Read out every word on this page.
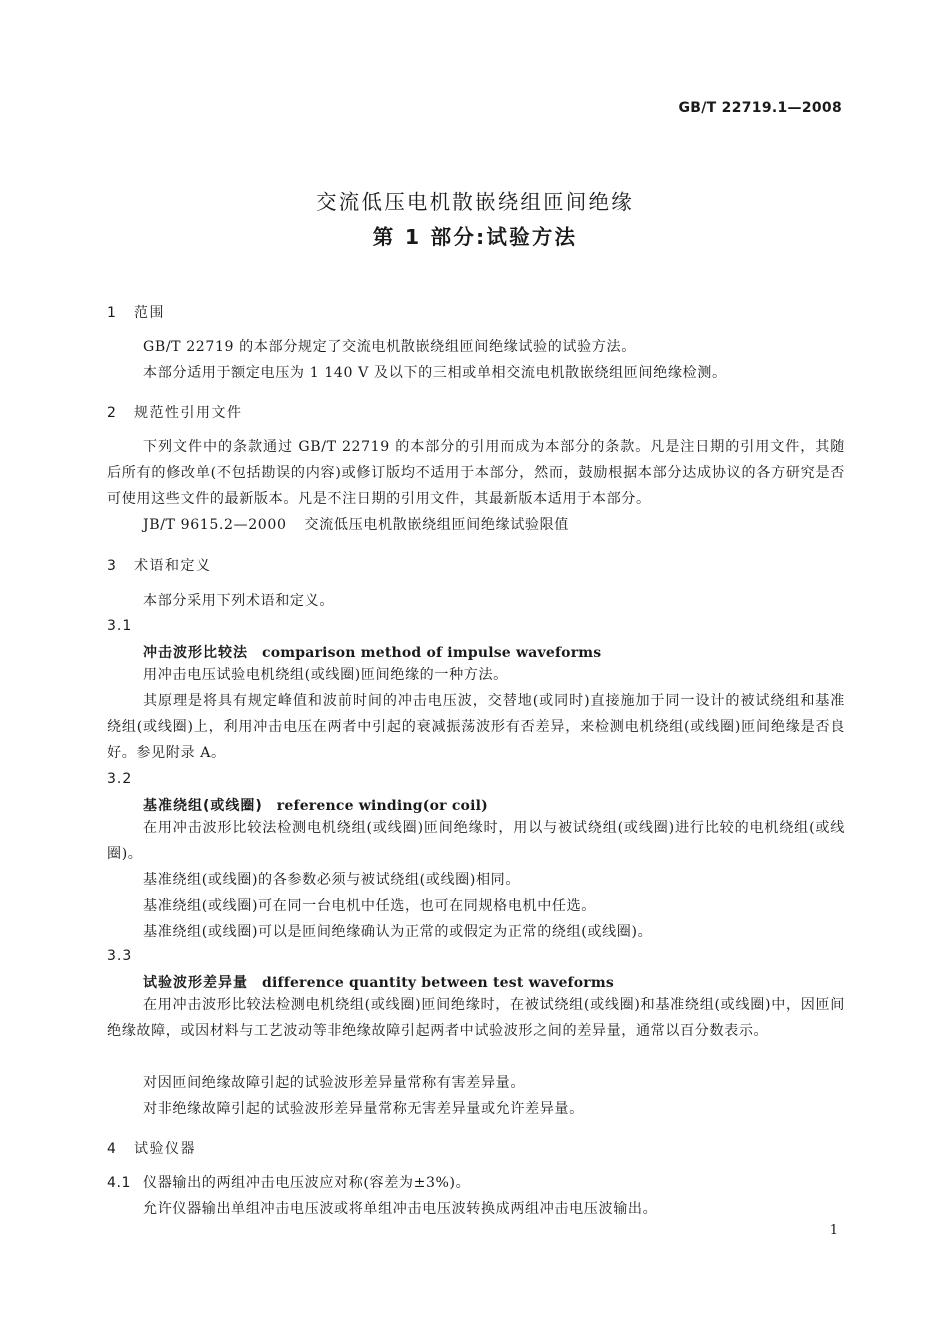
GB/T 22719.1—2008
交流低压电机散嵌绕组匝间绝缘
第 1 部分:试验方法
1 范围
GB/T 22719 的本部分规定了交流电机散嵌绕组匝间绝缘试验的试验方法。
本部分适用于额定电压为 1 140 V 及以下的三相或单相交流电机散嵌绕组匝间绝缘检测。
2 规范性引用文件
下列文件中的条款通过 GB/T 22719 的本部分的引用而成为本部分的条款。凡是注日期的引用文件，其随后所有的修改单(不包括勘误的内容)或修订版均不适用于本部分，然而，鼓励根据本部分达成协议的各方研究是否可使用这些文件的最新版本。凡是不注日期的引用文件，其最新版本适用于本部分。
JB/T 9615.2—2000 交流低压电机散嵌绕组匝间绝缘试验限值
3 术语和定义
本部分采用下列术语和定义。
3.1
冲击波形比较法 comparison method of impulse waveforms
用冲击电压试验电机绕组(或线圈)匝间绝缘的一种方法。
其原理是将具有规定峰值和波前时间的冲击电压波，交替地(或同时)直接施加于同一设计的被试绕组和基准绕组(或线圈)上，利用冲击电压在两者中引起的衰减振荡波形有否差异，来检测电机绕组(或线圈)匝间绝缘是否良好。参见附录 A。
3.2
基准绕组(或线圈) reference winding(or coil)
在用冲击波形比较法检测电机绕组(或线圈)匝间绝缘时，用以与被试绕组(或线圈)进行比较的电机绕组(或线圈)。
基准绕组(或线圈)的各参数必须与被试绕组(或线圈)相同。
基准绕组(或线圈)可在同一台电机中任选，也可在同规格电机中任选。
基准绕组(或线圈)可以是匝间绝缘确认为正常的或假定为正常的绕组(或线圈)。
3.3
试验波形差异量 difference quantity between test waveforms
在用冲击波形比较法检测电机绕组(或线圈)匝间绝缘时，在被试绕组(或线圈)和基准绕组(或线圈)中，因匝间绝缘故障，或因材料与工艺波动等非绝缘故障引起两者中试验波形之间的差异量，通常以百分数表示。
对因匝间绝缘故障引起的试验波形差异量常称有害差异量。
对非绝缘故障引起的试验波形差异量常称无害差异量或允许差异量。
4 试验仪器
4.1 仪器输出的两组冲击电压波应对称(容差为±3%)。
允许仪器输出单组冲击电压波或将单组冲击电压波转换成两组冲击电压波输出。
1
